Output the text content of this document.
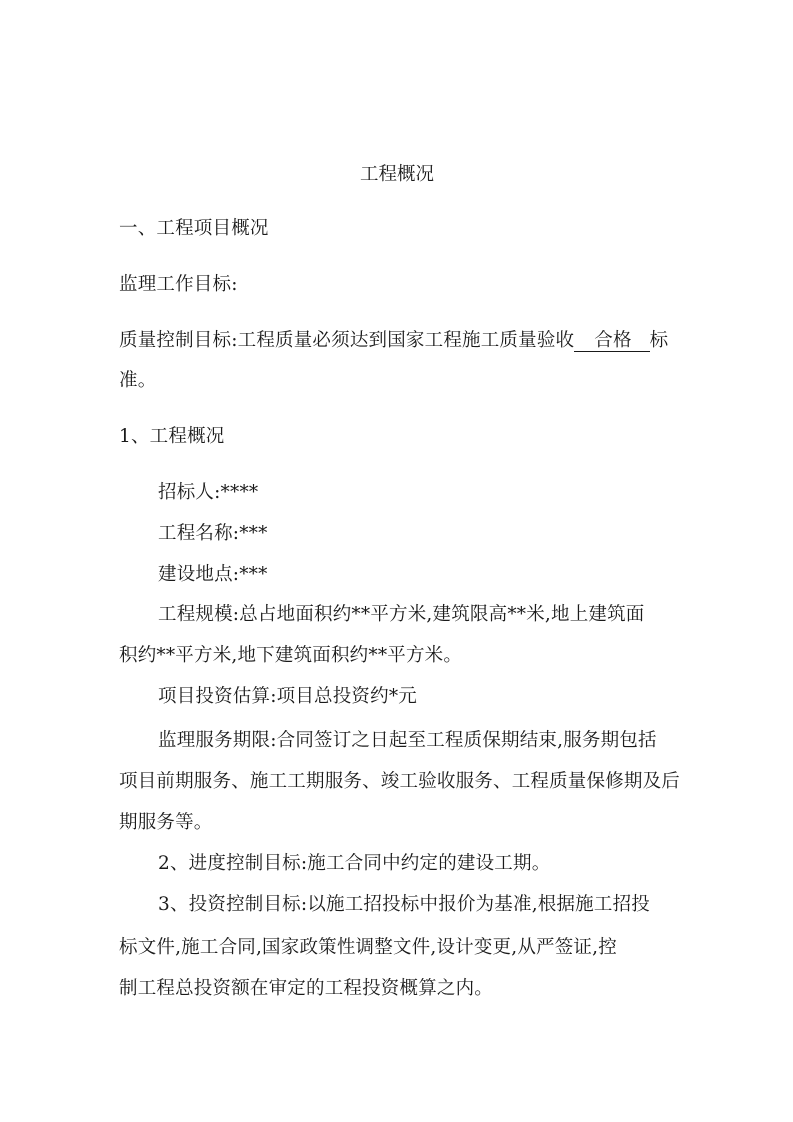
工程概况
一、工程项目概况
监理工作目标:
质量控制目标:工程质量必须达到国家工程施工质量验收 合格 标
准。
1、工程概况
招标人:****
工程名称:***
建设地点:***
工程规模:总占地面积约**平方米,建筑限高**米,地上建筑面
积约**平方米,地下建筑面积约**平方米。
项目投资估算:项目总投资约*元
监理服务期限:合同签订之日起至工程质保期结束,服务期包括
项目前期服务、施工工期服务、竣工验收服务、工程质量保修期及后
期服务等。
2、进度控制目标:施工合同中约定的建设工期。
3、投资控制目标:以施工招投标中报价为基准,根据施工招投
标文件,施工合同,国家政策性调整文件,设计变更,从严签证,控
制工程总投资额在审定的工程投资概算之内。
